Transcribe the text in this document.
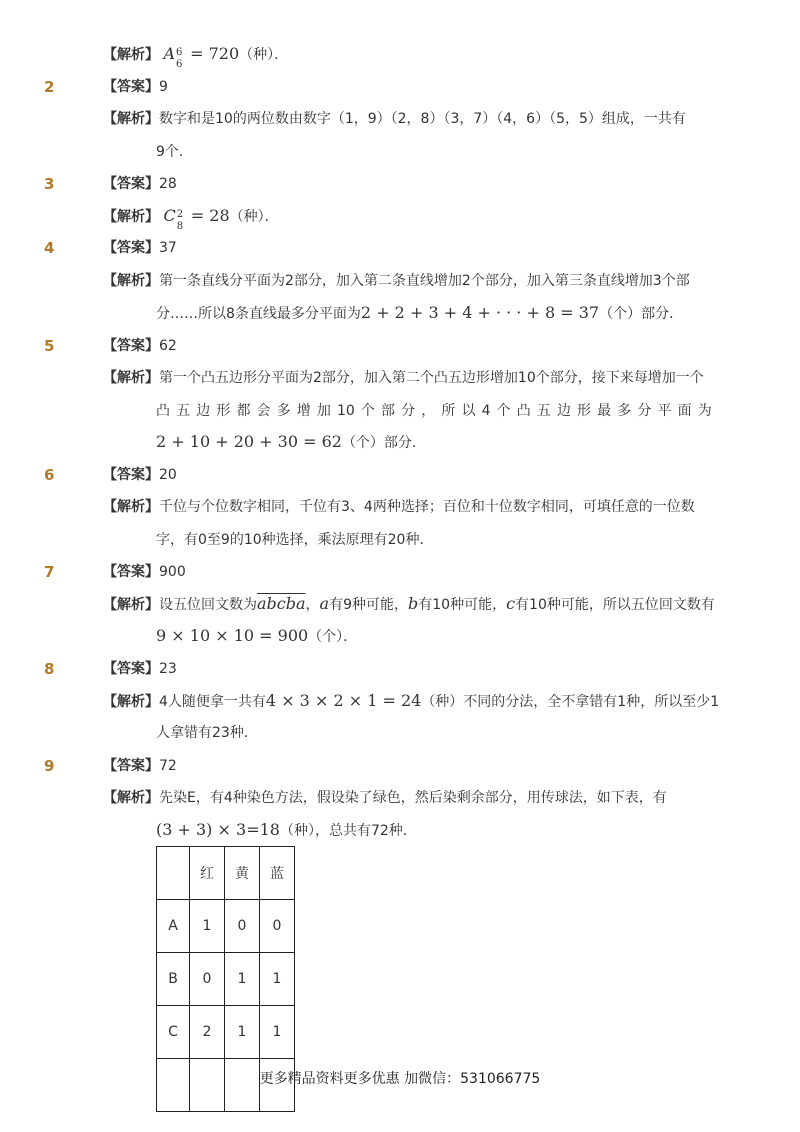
【解析】 A 6
6
= 720（种）．
2	【答案】9
【解析】数字和是10的两位数由数字（1，9）（2，8）（3，7）（4，6）（5，5）组成，一共有
9个．
3	【答案】28
【解析】 C 2
8
= 28（种）．
4	【答案】37
【解析】第一条直线分平面为2部分，加入第二条直线增加2个部分，加入第三条直线增加3个部
分……所以8条直线最多分平面为2 + 2 + 3 + 4 + · · · + 8 = 37（个）部分．
5	【答案】62
【解析】第一个凸五边形分平面为2部分，加入第二个凸五边形增加10个部分，接下来每增加一个
凸 五 边 形 都 会 多 增 加 10 个 部 分 ， 所 以 4 个 凸 五 边 形 最 多 分 平 面 为
2 + 10 + 20 + 30 = 62（个）部分．
6	【答案】20
【解析】千位与个位数字相同，千位有3、4两种选择；百位和十位数字相同，可填任意的一位数
字，有0至9的10种选择，乘法原理有20种．
7	【答案】900
【解析】设五位回文数为abcba，a有9种可能，b有10种可能，c有10种可能，所以五位回文数有
9 × 10 × 10 = 900（个）．
8	【答案】23
【解析】4人随便拿一共有4 × 3 × 2 × 1 = 24（种）不同的分法，全不拿错有1种，所以至少1
人拿错有23种．
9	【答案】72
【解析】先染E，有4种染色方法，假设染了绿色，然后染剩余部分，用传球法，如下表，有
(3 + 3) × 3=18（种），总共有72种．
	红	黄	蓝
A	1	0	0
B	0	1	1
C	2	1	1

更多精品资料更多优惠 加微信：531066775
